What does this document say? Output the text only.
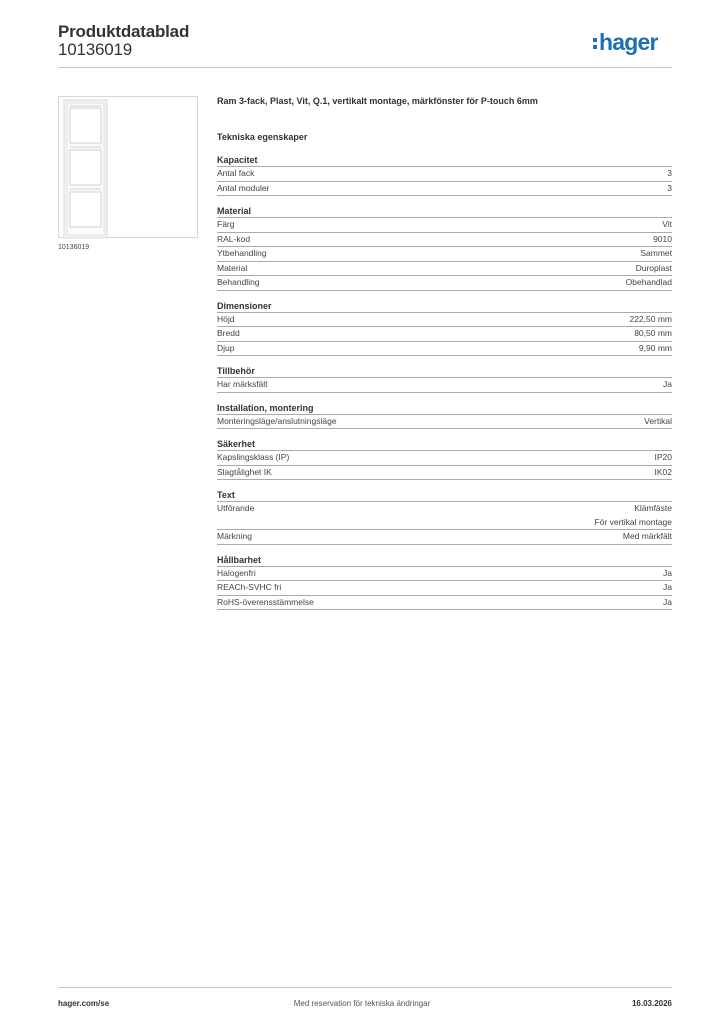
Produktdatablad
10136019	hager
10136019
Ram 3-fack, Plast, Vit, Q.1, vertikalt montage, märkfönster för P-touch 6mm
Tekniska egenskaper
Kapacitet
Antal fack	3
Antal moduler	3
Material
Färg	Vit
RAL-kod	9010
Ytbehandling	Sammet
Material	Duroplast
Behandling	Obehandlad
Dimensioner
Höjd	222,50 mm
Bredd	80,50 mm
Djup	9,90 mm
Tillbehör
Har märksfält	Ja
Installation, montering
Monteringsläge/anslutningsläge	Vertikal
Säkerhet
Kapslingsklass (IP)	IP20
Slagtålighet IK	IK02
Text
Utförande	Klämfäste
För vertikal montage
Märkning	Med märkfält
Hållbarhet
Halogenfri	Ja
REACh-SVHC fri	Ja
RoHS-överensstämmelse	Ja
hager.com/se	Med reservation för tekniska ändringar	16.03.2026
